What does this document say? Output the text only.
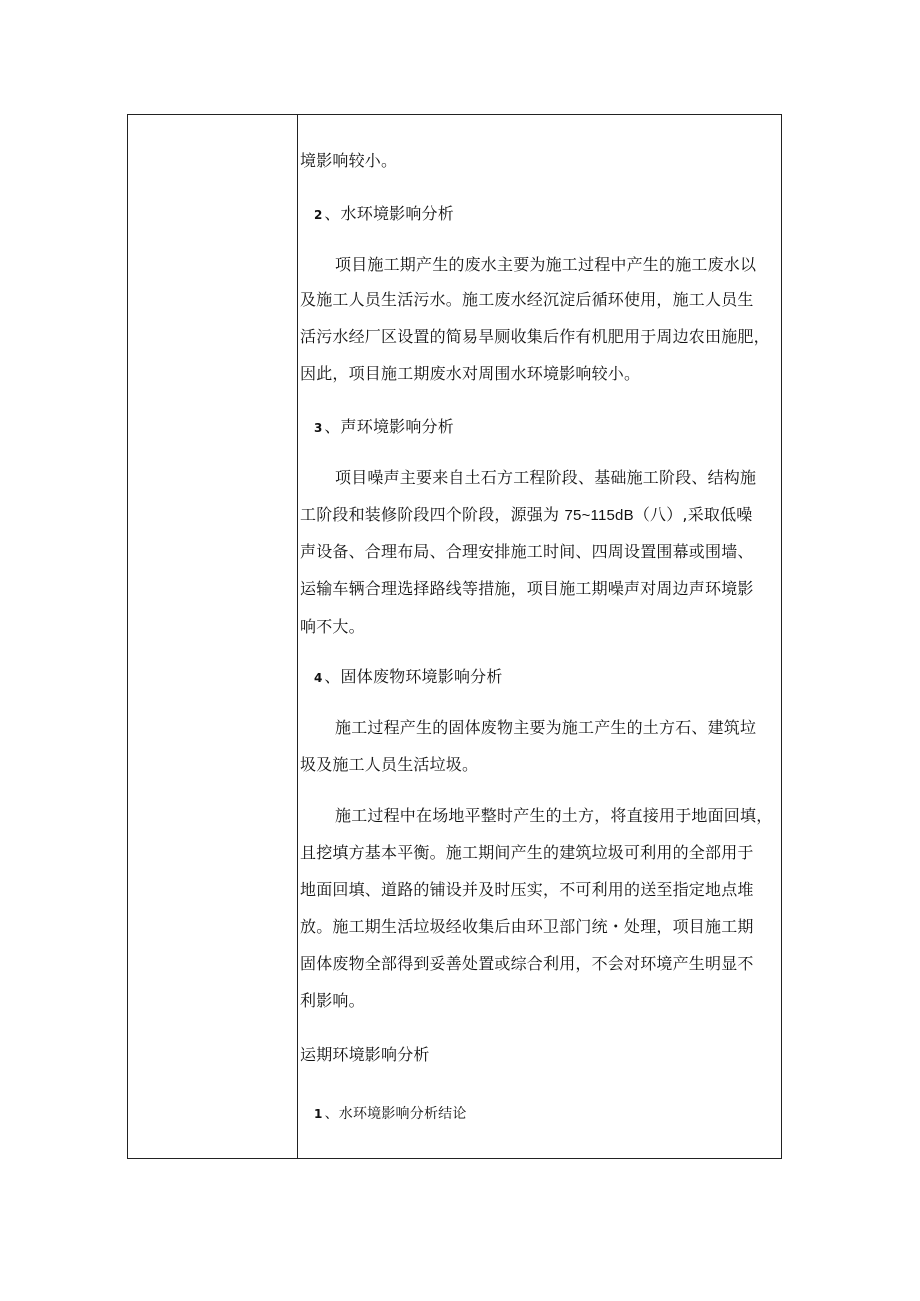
境影响较小。
2 、水环境影响分析
项目施工期产生的废水主要为施工过程中产生的施工废水以
及施工人员生活污水。施工废水经沉淀后循环使用，施工人员生
活污水经厂区设置的简易旱厕收集后作有机肥用于周边农田施肥，
因此，项目施工期废水对周围水环境影响较小。
3 、声环境影响分析
项目噪声主要来自土石方工程阶段、基础施工阶段、结构施
工阶段和装修阶段四个阶段，源强为 75~115dB（八）,采取低噪
声设备、合理布局、合理安排施工时间、四周设置围幕或围墙、
运输车辆合理选择路线等措施，项目施工期噪声对周边声环境影
响不大。
4 、固体废物环境影响分析
施工过程产生的固体废物主要为施工产生的土方石、建筑垃
圾及施工人员生活垃圾。
施工过程中在场地平整时产生的土方，将直接用于地面回填，
且挖填方基本平衡。施工期间产生的建筑垃圾可利用的全部用于
地面回填、道路的铺设并及时压实，不可利用的送至指定地点堆
放。施工期生活垃圾经收集后由环卫部门统・处理，项目施工期
固体废物全部得到妥善处置或综合利用，不会对环境产生明显不
利影响。
运期环境影响分析
1 、水环境影响分析结论
